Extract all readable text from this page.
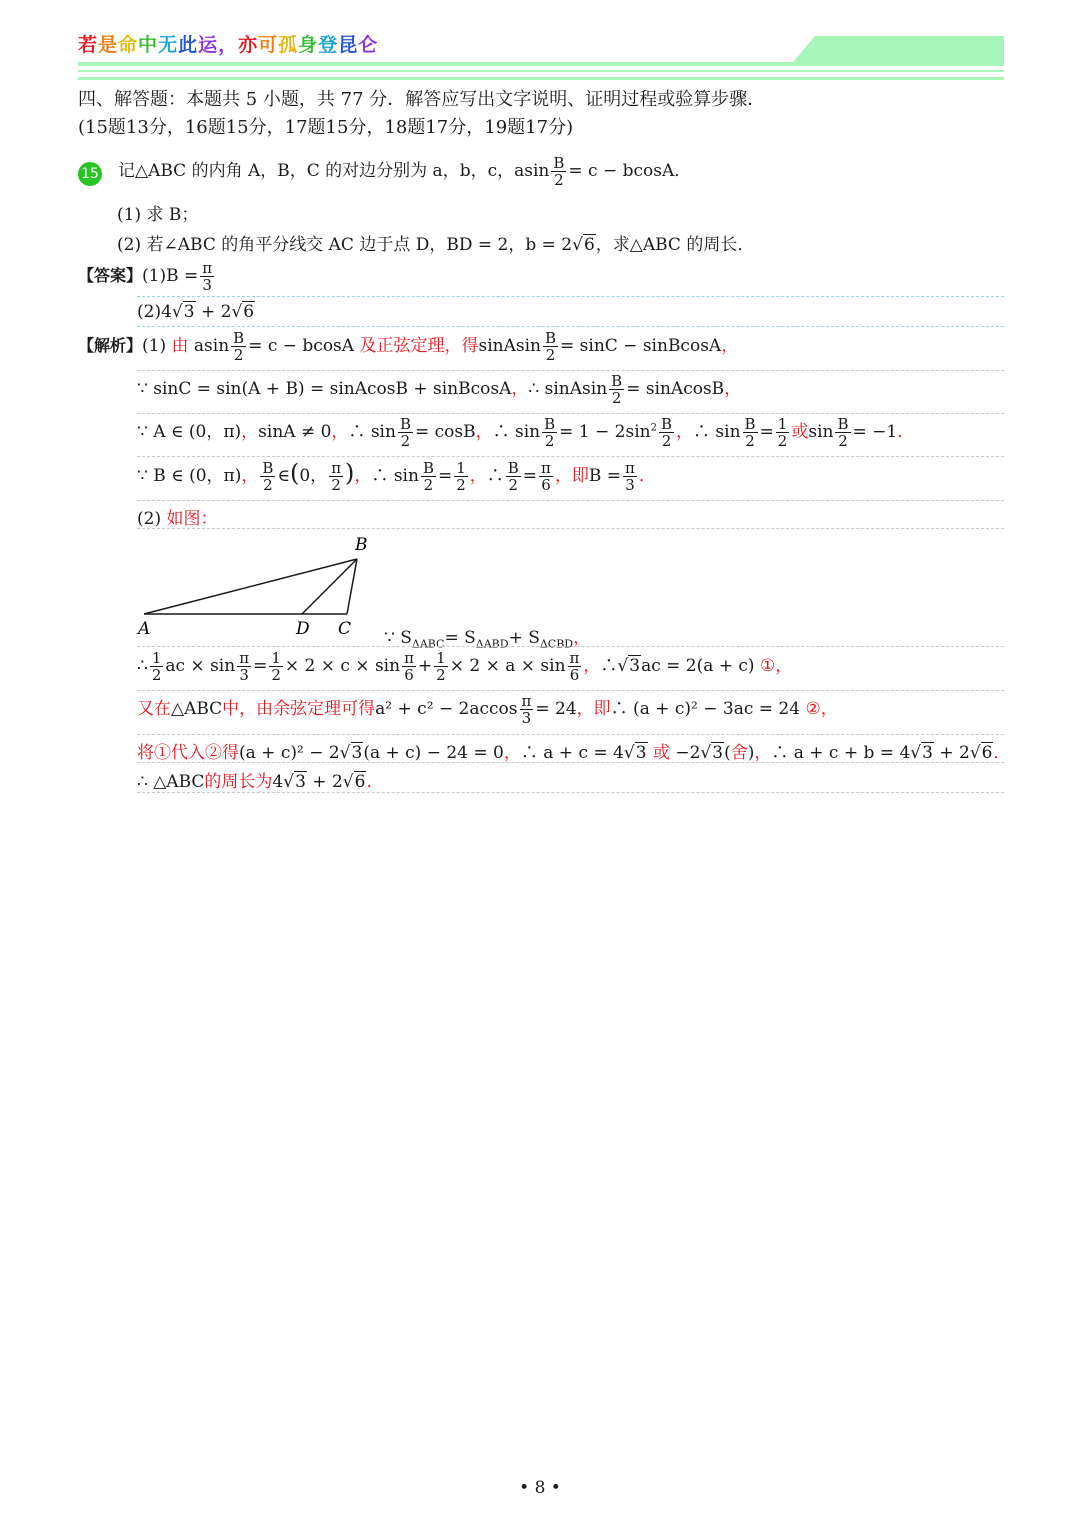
若是命中无此运，亦可孤身登昆仑
四、解答题：本题共 5 小题，共 77 分．解答应写出文字说明、证明过程或验算步骤．
(15题13分，16题15分，17题15分，18题17分，19题17分)
15 记△ABC 的内角 A，B，C 的对边分别为 a，b，c，asin $\frac{B}{2} = c - bcosA$．
(1) 求 B；
(2) 若∠ABC 的角平分线交 AC 边于点 D，BD = 2，b = 2√6，求△ABC 的周长．
【答案】$(1)B = \frac{\pi}{3}$
(2)4√3 + 2√6
【解析】(1) 由 asin $\frac{B}{2} = c - bcosA$ 及正弦定理，得sinAsin $\frac{B}{2} = \sin C$ − sinBcosA，
∵ sinC = sin(A + B) = sinAcosB + sinBcosA，∴ sinAsin $\frac{B}{2}$ = sinAcosB，
∵ A ∈ (0，π)，sinA ≠ 0，∴ $\sin \frac{B}{2} = \cos B$，∴ $\sin \frac{B}{2} = 1 - 2\sin^2 \frac{B}{2}$ ，∴ $\sin \frac{B}{2} = \frac{1}{2}$ 或$\sin \frac{B}{2} = -1$．
∵ B ∈ (0，π)， $\frac{B}{2}$ ∈(0， $\frac{\pi}{2}$ )，∴ $\sin \frac{B}{2} = \frac{1}{2}$ ，∴ $\frac{B}{2} = \frac{\pi}{6}$ ，即$B = \frac{\pi}{3}$ ．
(2) 如图：
B
A	D C ∵ $S_{\Delta ABC}= S_{\Delta ABD}+ S_{\Delta CBD}$，
∴ $\frac{1}{2}$ ac × $\sin \frac{\pi}{3} = \frac{1}{2} \times 2 \times c \times \sin \frac{\pi}{6} + \frac{1}{2} \times 2 \times a \times \sin \frac{\pi}{6}$ ，∴√3ac = 2(a + c) ①，
又在△ABC中，由余弦定理可得$a^2 + c^2 - 2accos \frac{\pi}{3} = 24$，即∴ (a + c)² − 3ac = 24 ②，
将①代入②得(a + c)² − 2√3(a + c) − 24 = 0，∴ a + c = 4√3 或 −2√3(舍)，∴ a + c + b = 4√3 + 2√6．
∴ △ABC的周长为4√3 + 2√6．
• 8 •
